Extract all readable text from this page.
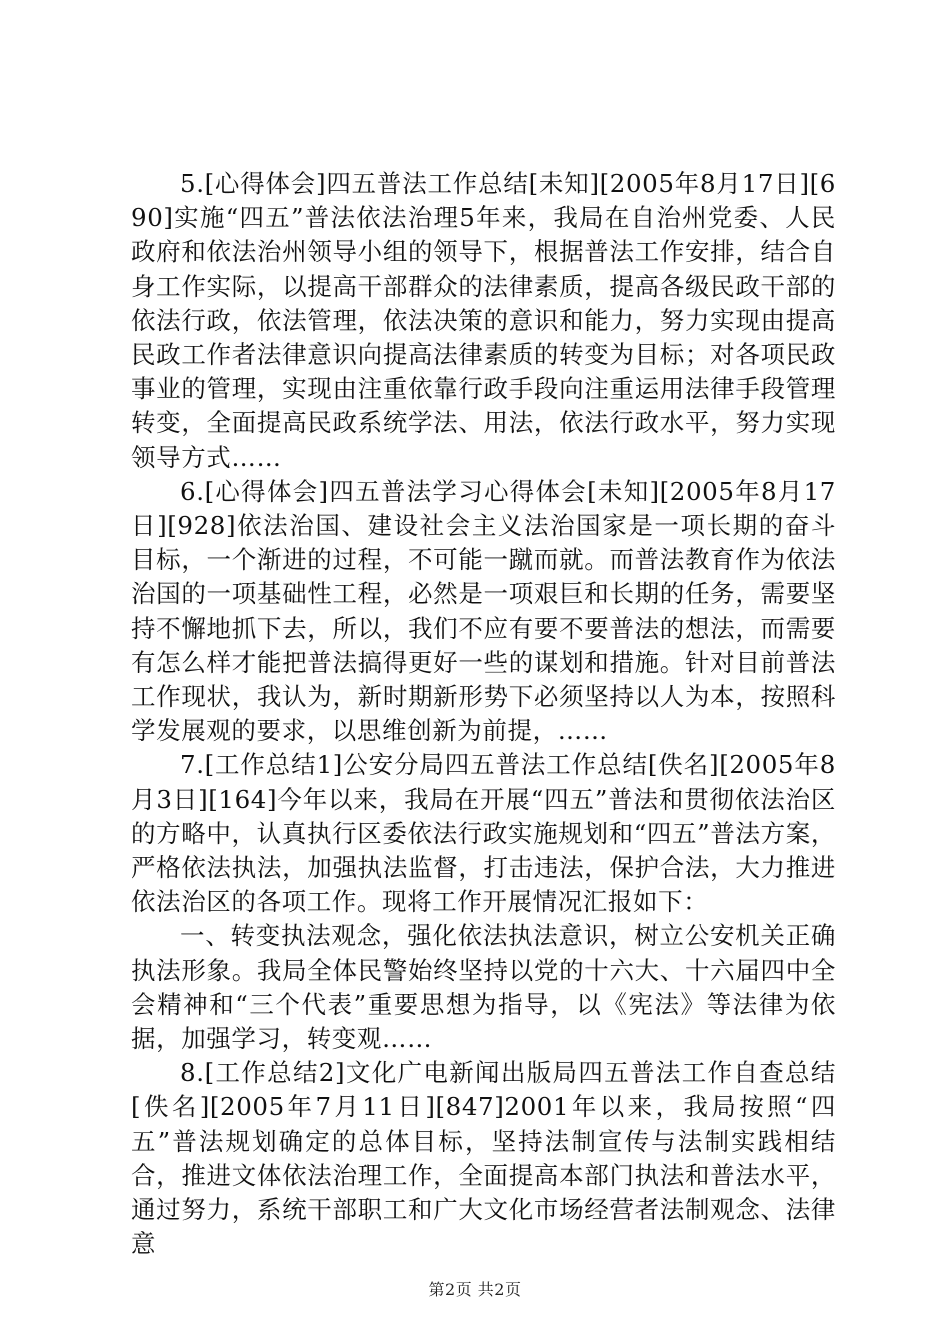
5.[心得体会]四五普法工作总结[未知][2005年8月17日][690]实施“四五”普法依法治理5年来，我局在自治州党委、人民政府和依法治州领导小组的领导下，根据普法工作安排，结合自身工作实际，以提高干部群众的法律素质，提高各级民政干部的依法行政，依法管理，依法决策的意识和能力，努力实现由提高民政工作者法律意识向提高法律素质的转变为目标；对各项民政事业的管理，实现由注重依靠行政手段向注重运用法律手段管理转变，全面提高民政系统学法、用法，依法行政水平，努力实现领导方式……

6.[心得体会]四五普法学习心得体会[未知][2005年8月17日][928]依法治国、建设社会主义法治国家是一项长期的奋斗目标，一个渐进的过程，不可能一蹴而就。而普法教育作为依法治国的一项基础性工程，必然是一项艰巨和长期的任务，需要坚持不懈地抓下去，所以，我们不应有要不要普法的想法，而需要有怎么样才能把普法搞得更好一些的谋划和措施。针对目前普法工作现状，我认为，新时期新形势下必须坚持以人为本，按照科学发展观的要求，以思维创新为前提，……

7.[工作总结1]公安分局四五普法工作总结[佚名][2005年8月3日][164]今年以来，我局在开展“四五”普法和贯彻依法治区的方略中，认真执行区委依法行政实施规划和“四五”普法方案，严格依法执法，加强执法监督，打击违法，保护合法，大力推进依法治区的各项工作。现将工作开展情况汇报如下：

一、转变执法观念，强化依法执法意识，树立公安机关正确执法形象。我局全体民警始终坚持以党的十六大、十六届四中全会精神和“三个代表”重要思想为指导，以《宪法》等法律为依据，加强学习，转变观……

8.[工作总结2]文化广电新闻出版局四五普法工作自查总结[佚名][2005年7月11日][847]2001年以来，我局按照“四五”普法规划确定的总体目标，坚持法制宣传与法制实践相结合，推进文体依法治理工作，全面提高本部门执法和普法水平，通过努力，系统干部职工和广大文化市场经营者法制观念、法律意

第2页 共2页
